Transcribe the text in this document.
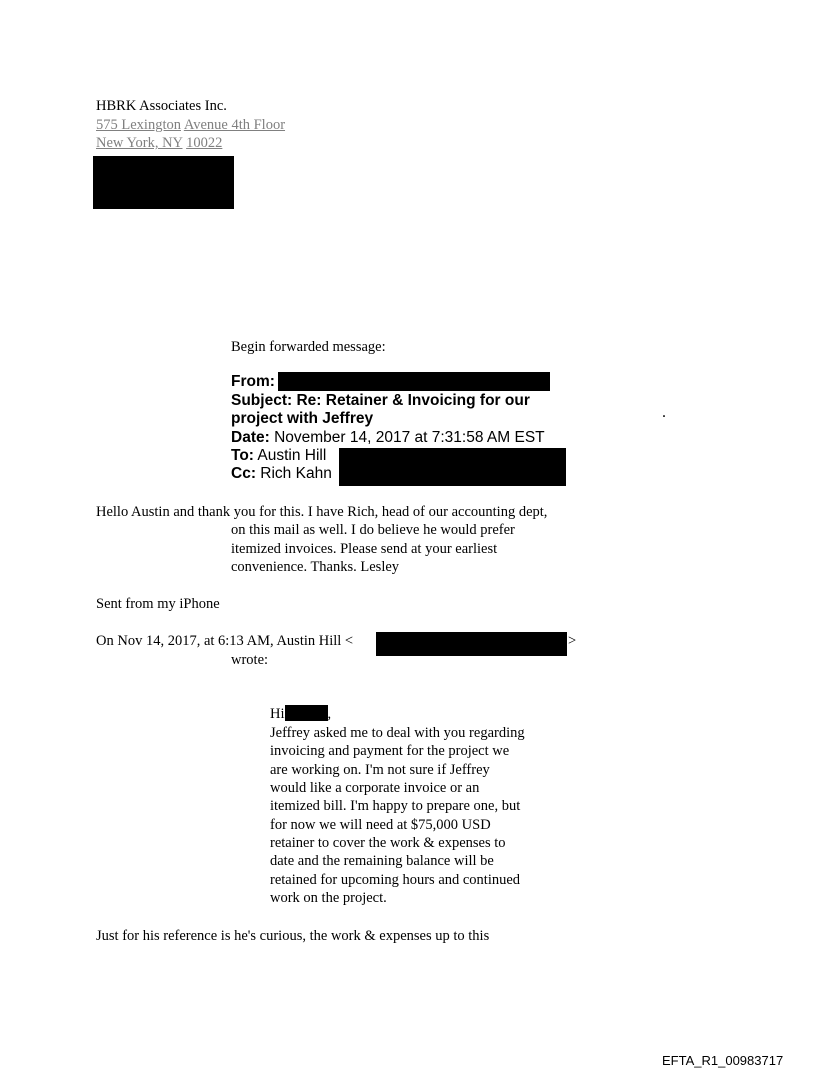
HBRK Associates Inc.
575 Lexington Avenue 4th Floor
New York, NY 10022
Begin forwarded message:
From:
Subject: Re: Retainer & Invoicing for our
project with Jeffrey
Date: November 14, 2017 at 7:31:58 AM EST
To: Austin Hill
Cc: Rich Kahn
.
Hello Austin and thank you for this. I have Rich, head of our accounting dept,
on this mail as well. I do believe he would prefer
itemized invoices. Please send at your earliest
convenience. Thanks. Lesley
Sent from my iPhone
On Nov 14, 2017, at 6:13 AM, Austin Hill <	>
wrote:
Hi	,
Jeffrey asked me to deal with you regarding
invoicing and payment for the project we
are working on. I'm not sure if Jeffrey
would like a corporate invoice or an
itemized bill. I'm happy to prepare one, but
for now we will need at $75,000 USD
retainer to cover the work & expenses to
date and the remaining balance will be
retained for upcoming hours and continued
work on the project.
Just for his reference is he's curious, the work & expenses up to this
EFTA_R1_00983717
